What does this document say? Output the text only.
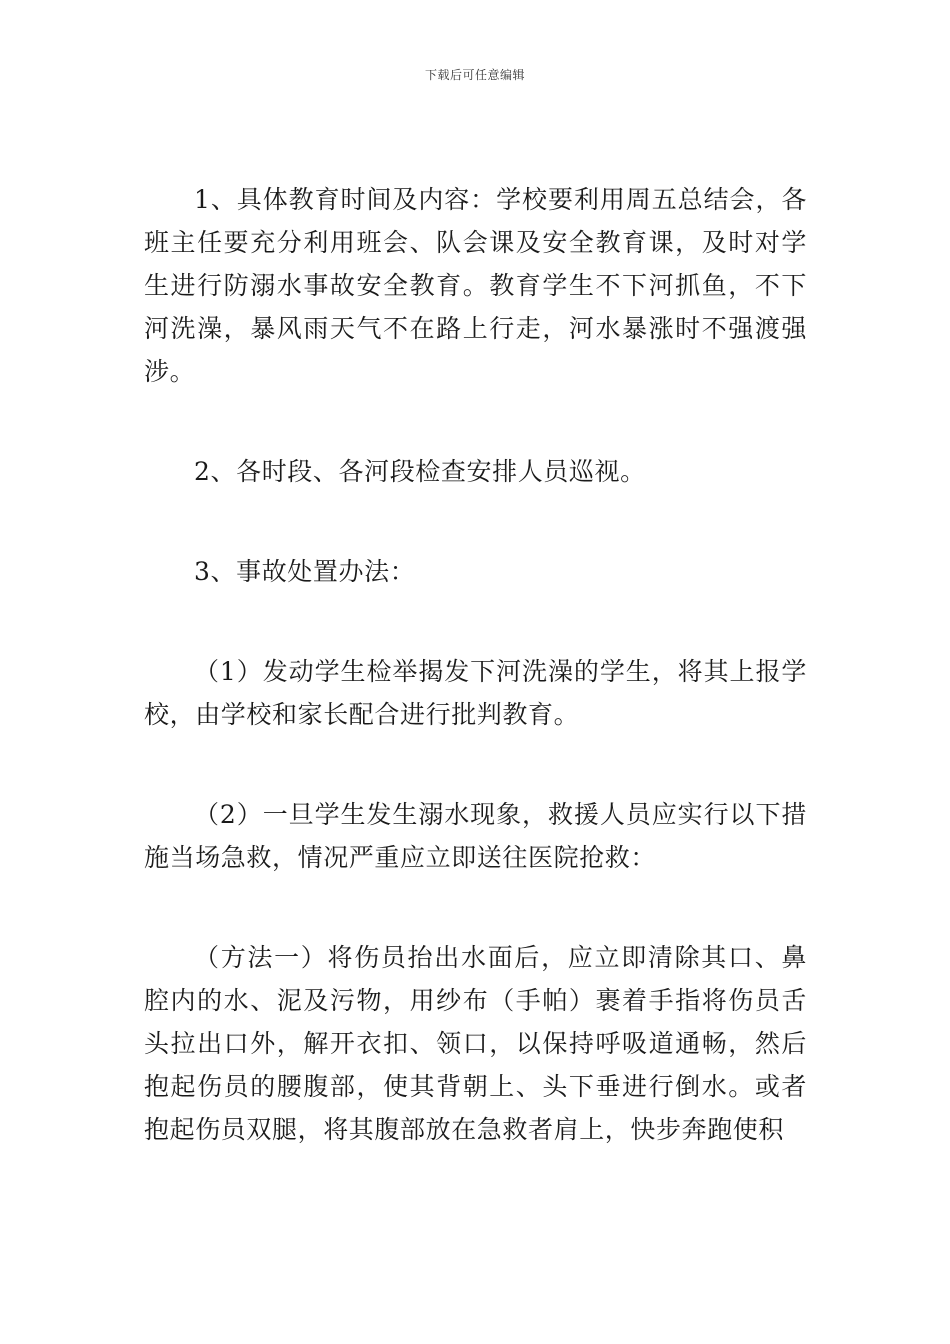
下载后可任意编辑

1、具体教育时间及内容：学校要利用周五总结会，各班主任要充分利用班会、队会课及安全教育课，及时对学生进行防溺水事故安全教育。教育学生不下河抓鱼，不下河洗澡，暴风雨天气不在路上行走，河水暴涨时不强渡强涉。

2、各时段、各河段检查安排人员巡视。

3、事故处置办法：

（1）发动学生检举揭发下河洗澡的学生，将其上报学校，由学校和家长配合进行批判教育。

（2）一旦学生发生溺水现象，救援人员应实行以下措施当场急救，情况严重应立即送往医院抢救：

（方法一）将伤员抬出水面后，应立即清除其口、鼻腔内的水、泥及污物，用纱布（手帕）裹着手指将伤员舌头拉出口外，解开衣扣、领口，以保持呼吸道通畅，然后抱起伤员的腰腹部，使其背朝上、头下垂进行倒水。或者抱起伤员双腿，将其腹部放在急救者肩上，快步奔跑使积
